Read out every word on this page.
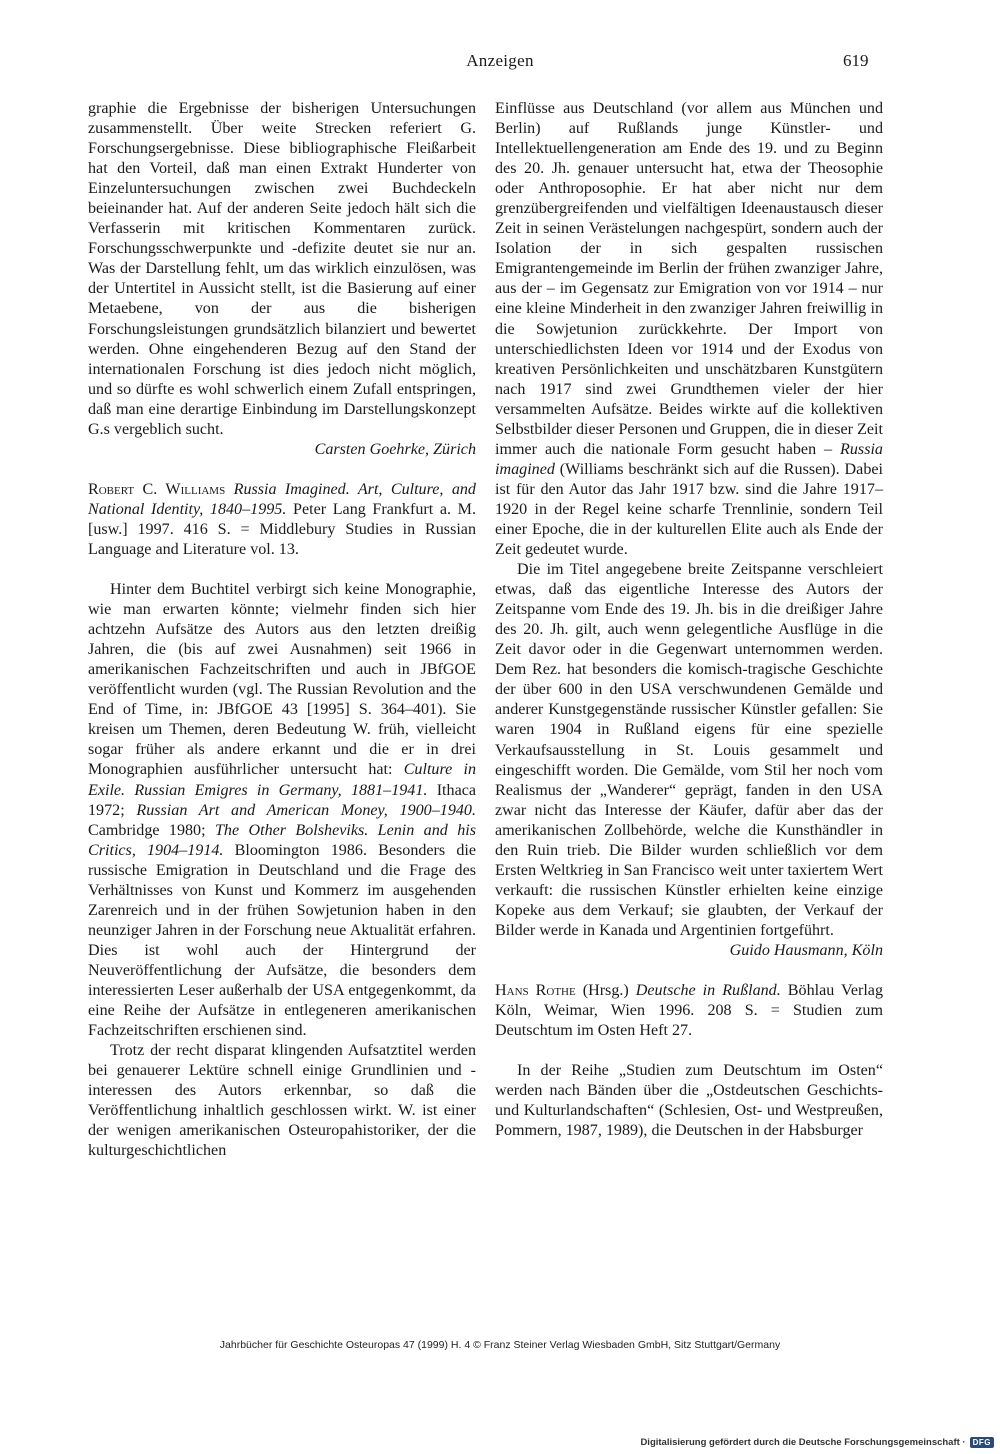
Anzeigen	619

graphie die Ergebnisse der bisherigen Untersuchungen zusammenstellt. Über weite Strecken referiert G. Forschungsergebnisse. Diese bibliographische Fleißarbeit hat den Vorteil, daß man einen Extrakt Hunderter von Einzeluntersuchungen zwischen zwei Buchdeckeln beieinander hat. Auf der anderen Seite jedoch hält sich die Verfasserin mit kritischen Kommentaren zurück. Forschungsschwerpunkte und -defizite deutet sie nur an. Was der Darstellung fehlt, um das wirklich einzulösen, was der Untertitel in Aussicht stellt, ist die Basierung auf einer Metaebene, von der aus die bisherigen Forschungsleistungen grundsätzlich bilanziert und bewertet werden. Ohne eingehenderen Bezug auf den Stand der internationalen Forschung ist dies jedoch nicht möglich, und so dürfte es wohl schwerlich einem Zufall entspringen, daß man eine derartige Einbindung im Darstellungskonzept G.s vergeblich sucht.

Carsten Goehrke, Zürich

Robert C. Williams Russia Imagined. Art, Culture, and National Identity, 1840–1995. Peter Lang Frankfurt a. M. [usw.] 1997. 416 S. = Middlebury Studies in Russian Language and Literature vol. 13.

Hinter dem Buchtitel verbirgt sich keine Monographie, wie man erwarten könnte; vielmehr finden sich hier achtzehn Aufsätze des Autors aus den letzten dreißig Jahren, die (bis auf zwei Ausnahmen) seit 1966 in amerikanischen Fachzeitschriften und auch in JBfGOE veröffentlicht wurden (vgl. The Russian Revolution and the End of Time, in: JBfGOE 43 [1995] S. 364–401). Sie kreisen um Themen, deren Bedeutung W. früh, vielleicht sogar früher als andere erkannt und die er in drei Monographien ausführlicher untersucht hat: Culture in Exile. Russian Emigres in Germany, 1881–1941. Ithaca 1972; Russian Art and American Money, 1900–1940. Cambridge 1980; The Other Bolsheviks. Lenin and his Critics, 1904–1914. Bloomington 1986. Besonders die russische Emigration in Deutschland und die Frage des Verhältnisses von Kunst und Kommerz im ausgehenden Zarenreich und in der frühen Sowjetunion haben in den neunziger Jahren in der Forschung neue Aktualität erfahren. Dies ist wohl auch der Hintergrund der Neuveröffentlichung der Aufsätze, die besonders dem interessierten Leser außerhalb der USA entgegenkommt, da eine Reihe der Aufsätze in entlegeneren amerikanischen Fachzeitschriften erschienen sind.

Trotz der recht disparat klingenden Aufsatztitel werden bei genauerer Lektüre schnell einige Grundlinien und -interessen des Autors erkennbar, so daß die Veröffentlichung inhaltlich geschlossen wirkt. W. ist einer der wenigen amerikanischen Osteuropahistoriker, der die kulturgeschichtlichen

Einflüsse aus Deutschland (vor allem aus München und Berlin) auf Rußlands junge Künstler- und Intellektuellengeneration am Ende des 19. und zu Beginn des 20. Jh. genauer untersucht hat, etwa der Theosophie oder Anthroposophie. Er hat aber nicht nur dem grenzübergreifenden und vielfältigen Ideenaustausch dieser Zeit in seinen Verästelungen nachgespürt, sondern auch der Isolation der in sich gespalten russischen Emigrantengemeinde im Berlin der frühen zwanziger Jahre, aus der – im Gegensatz zur Emigration von vor 1914 – nur eine kleine Minderheit in den zwanziger Jahren freiwillig in die Sowjetunion zurückkehrte. Der Import von unterschiedlichsten Ideen vor 1914 und der Exodus von kreativen Persönlichkeiten und unschätzbaren Kunstgütern nach 1917 sind zwei Grundthemen vieler der hier versammelten Aufsätze. Beides wirkte auf die kollektiven Selbstbilder dieser Personen und Gruppen, die in dieser Zeit immer auch die nationale Form gesucht haben – Russia imagined (Williams beschränkt sich auf die Russen). Dabei ist für den Autor das Jahr 1917 bzw. sind die Jahre 1917–1920 in der Regel keine scharfe Trennlinie, sondern Teil einer Epoche, die in der kulturellen Elite auch als Ende der Zeit gedeutet wurde.

Die im Titel angegebene breite Zeitspanne verschleiert etwas, daß das eigentliche Interesse des Autors der Zeitspanne vom Ende des 19. Jh. bis in die dreißiger Jahre des 20. Jh. gilt, auch wenn gelegentliche Ausflüge in die Zeit davor oder in die Gegenwart unternommen werden. Dem Rez. hat besonders die komisch-tragische Geschichte der über 600 in den USA verschwundenen Gemälde und anderer Kunstgegenstände russischer Künstler gefallen: Sie waren 1904 in Rußland eigens für eine spezielle Verkaufsausstellung in St. Louis gesammelt und eingeschifft worden. Die Gemälde, vom Stil her noch vom Realismus der „Wanderer“ geprägt, fanden in den USA zwar nicht das Interesse der Käufer, dafür aber das der amerikanischen Zollbehörde, welche die Kunsthändler in den Ruin trieb. Die Bilder wurden schließlich vor dem Ersten Weltkrieg in San Francisco weit unter taxiertem Wert verkauft: die russischen Künstler erhielten keine einzige Kopeke aus dem Verkauf; sie glaubten, der Verkauf der Bilder werde in Kanada und Argentinien fortgeführt.

Guido Hausmann, Köln

Hans Rothe (Hrsg.) Deutsche in Rußland. Böhlau Verlag Köln, Weimar, Wien 1996. 208 S. = Studien zum Deutschtum im Osten Heft 27.

In der Reihe „Studien zum Deutschtum im Osten“ werden nach Bänden über die „Ostdeutschen Geschichts- und Kulturlandschaften“ (Schlesien, Ost- und Westpreußen, Pommern, 1987, 1989), die Deutschen in der Habsburger

Jahrbücher für Geschichte Osteuropas 47 (1999) H. 4 © Franz Steiner Verlag Wiesbaden GmbH, Sitz Stuttgart/Germany
Digitalisierung gefördert durch die Deutsche Forschungsgemeinschaft · DFG
